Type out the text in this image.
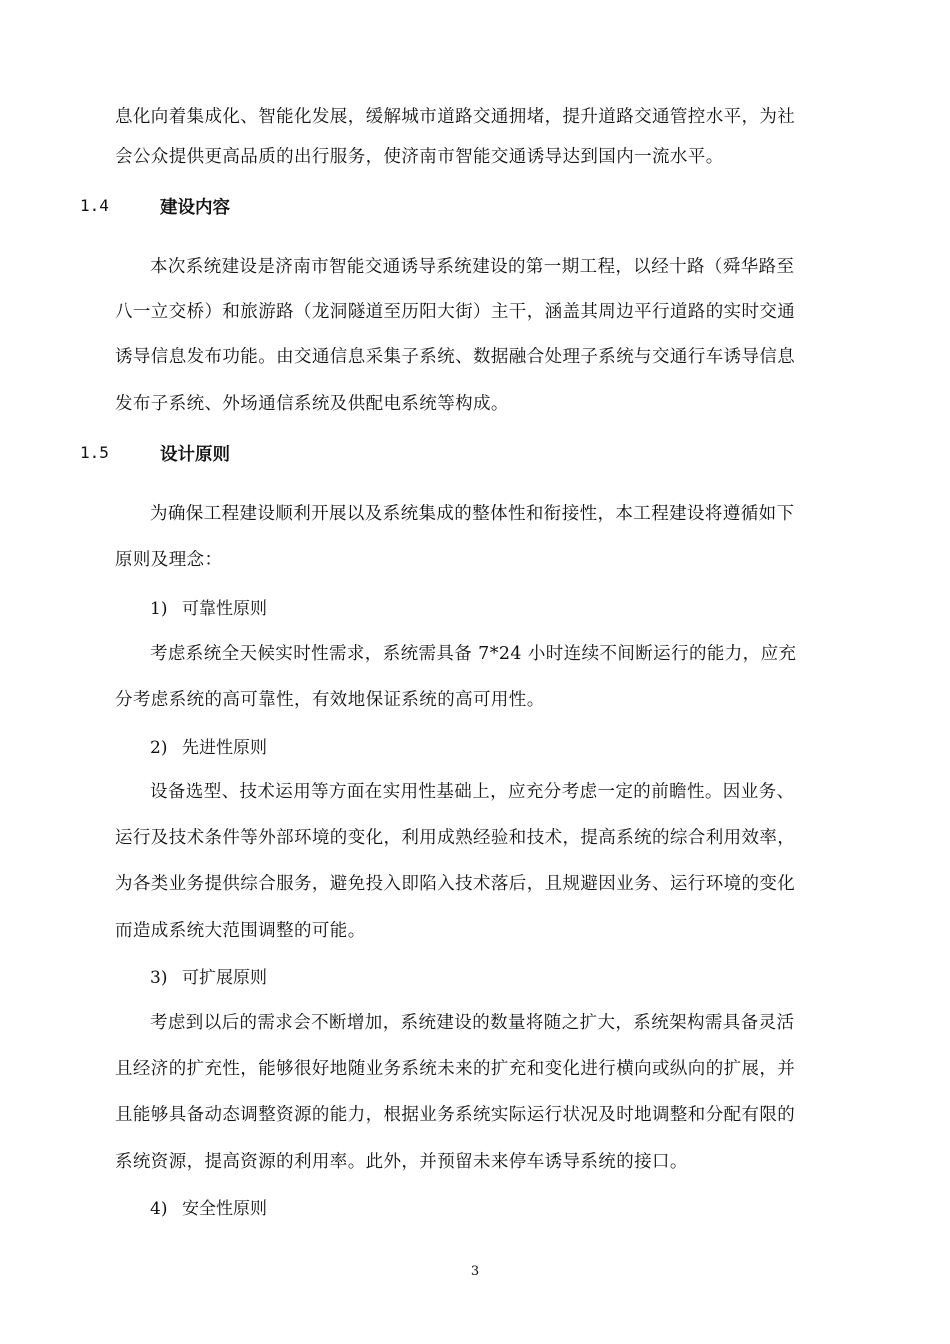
息化向着集成化、智能化发展，缓解城市道路交通拥堵，提升道路交通管控水平，为社
会公众提供更高品质的出行服务，使济南市智能交通诱导达到国内一流水平。
1.4	建设内容
本次系统建设是济南市智能交通诱导系统建设的第一期工程，以经十路（舜华路至
八一立交桥）和旅游路（龙洞隧道至历阳大街）主干，涵盖其周边平行道路的实时交通
诱导信息发布功能。由交通信息采集子系统、数据融合处理子系统与交通行车诱导信息
发布子系统、外场通信系统及供配电系统等构成。
1.5	设计原则
为确保工程建设顺利开展以及系统集成的整体性和衔接性，本工程建设将遵循如下
原则及理念：
1) 可靠性原则
考虑系统全天候实时性需求，系统需具备 7*24 小时连续不间断运行的能力，应充
分考虑系统的高可靠性，有效地保证系统的高可用性。
2) 先进性原则
设备选型、技术运用等方面在实用性基础上，应充分考虑一定的前瞻性。因业务、
运行及技术条件等外部环境的变化，利用成熟经验和技术，提高系统的综合利用效率，
为各类业务提供综合服务，避免投入即陷入技术落后，且规避因业务、运行环境的变化
而造成系统大范围调整的可能。
3) 可扩展原则
考虑到以后的需求会不断增加，系统建设的数量将随之扩大，系统架构需具备灵活
且经济的扩充性，能够很好地随业务系统未来的扩充和变化进行横向或纵向的扩展，并
且能够具备动态调整资源的能力，根据业务系统实际运行状况及时地调整和分配有限的
系统资源，提高资源的利用率。此外，并预留未来停车诱导系统的接口。
4) 安全性原则
3
